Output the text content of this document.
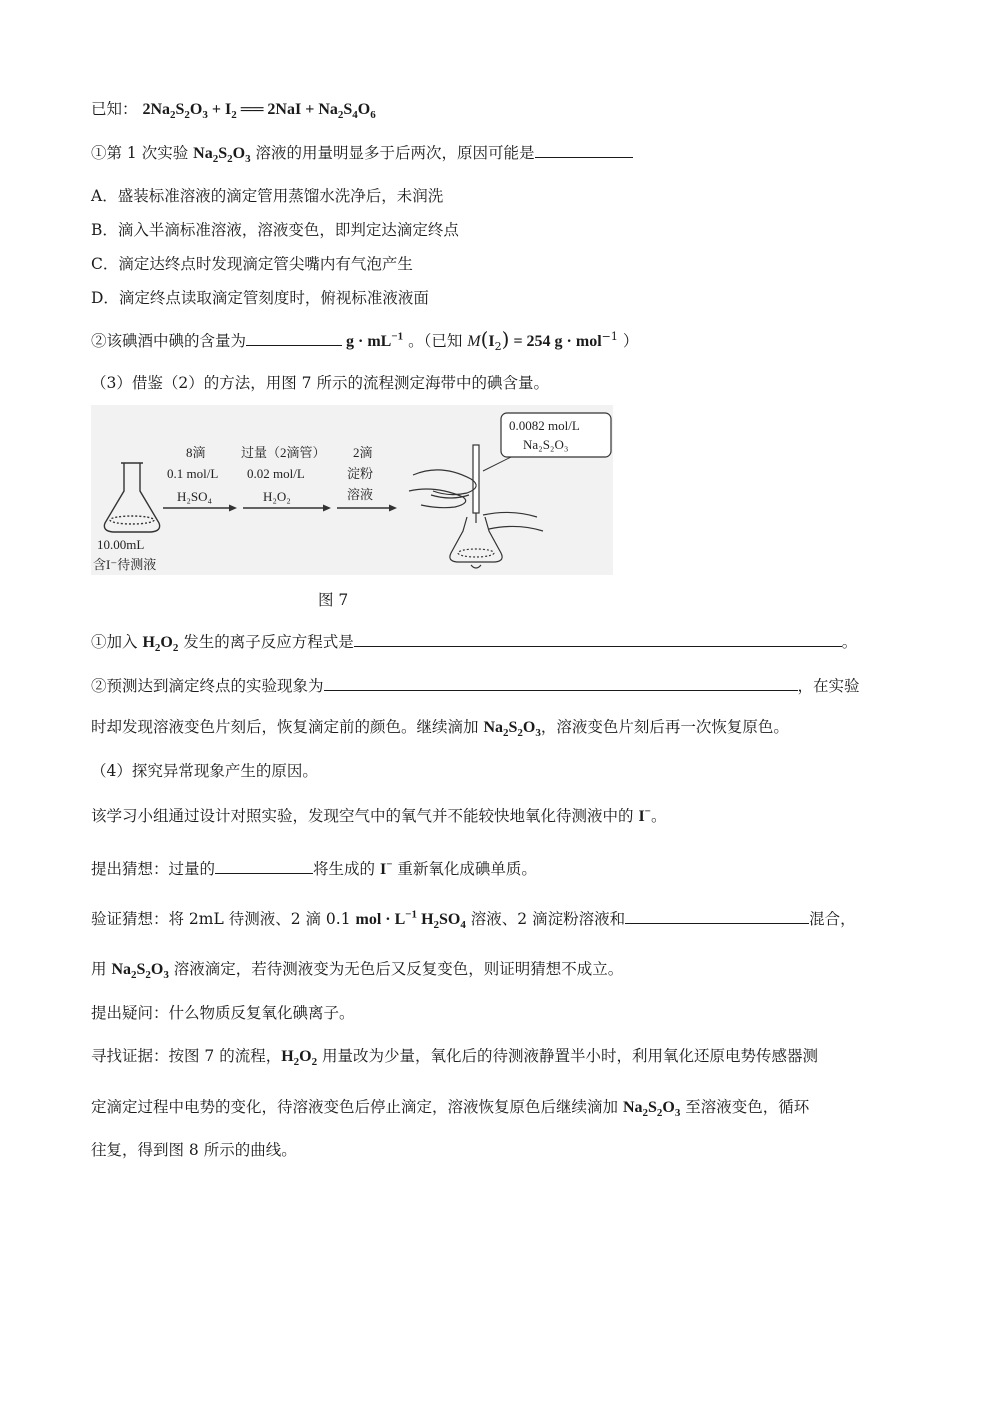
已知： $2Na_2S_2O_3 + I_2$ ══ $2NaI + Na_2S_4O_6$
①第 1 次实验 $Na_2S_2O_3$ 溶液的用量明显多于后两次，原因可能是
A．盛装标准溶液的滴定管用蒸馏水洗净后，未润洗
B．滴入半滴标准溶液，溶液变色，即判定达滴定终点
C．滴定达终点时发现滴定管尖嘴内有气泡产生
D．滴定终点读取滴定管刻度时，俯视标准液液面
②该碘酒中碘的含量为	$g \cdot mL^{-1}$ 。（已知 $M(I_2) = 254$ g · mol$^{-1}$ ）
（3）借鉴（2）的方法，用图 7 所示的流程测定海带中的碘含量。
10.00mL
含I⁻待测液
8滴
0.1 mol/L
H₂SO₄
过量（2滴管）
0.02 mol/L
H₂O₂
2滴
淀粉
溶液
0.0082 mol/L
Na₂S₂O₃
图 7
①加入 $H_2O_2$ 发生的离子反应方程式是	。
②预测达到滴定终点的实验现象为	，在实验
时却发现溶液变色片刻后，恢复滴定前的颜色。继续滴加 $Na_2S_2O_3$，溶液变色片刻后再一次恢复原色。
（4）探究异常现象产生的原因。
该学习小组通过设计对照实验，发现空气中的氧气并不能较快地氧化待测液中的 I−。
提出猜想：过量的	将生成的 I− 重新氧化成碘单质。
验证猜想：将 2mL 待测液、2 滴 0.1 mol · $L^{-1}$ $H_2SO_4$ 溶液、2 滴淀粉溶液和	混合，
用 $Na_2S_2O_3$ 溶液滴定，若待测液变为无色后又反复变色，则证明猜想不成立。
提出疑问：什么物质反复氧化碘离子。
寻找证据：按图 7 的流程，$H_2O_2$ 用量改为少量，氧化后的待测液静置半小时，利用氧化还原电势传感器测
定滴定过程中电势的变化，待溶液变色后停止滴定，溶液恢复原色后继续滴加 $Na_2S_2O_3$ 至溶液变色，循环
往复，得到图 8 所示的曲线。
